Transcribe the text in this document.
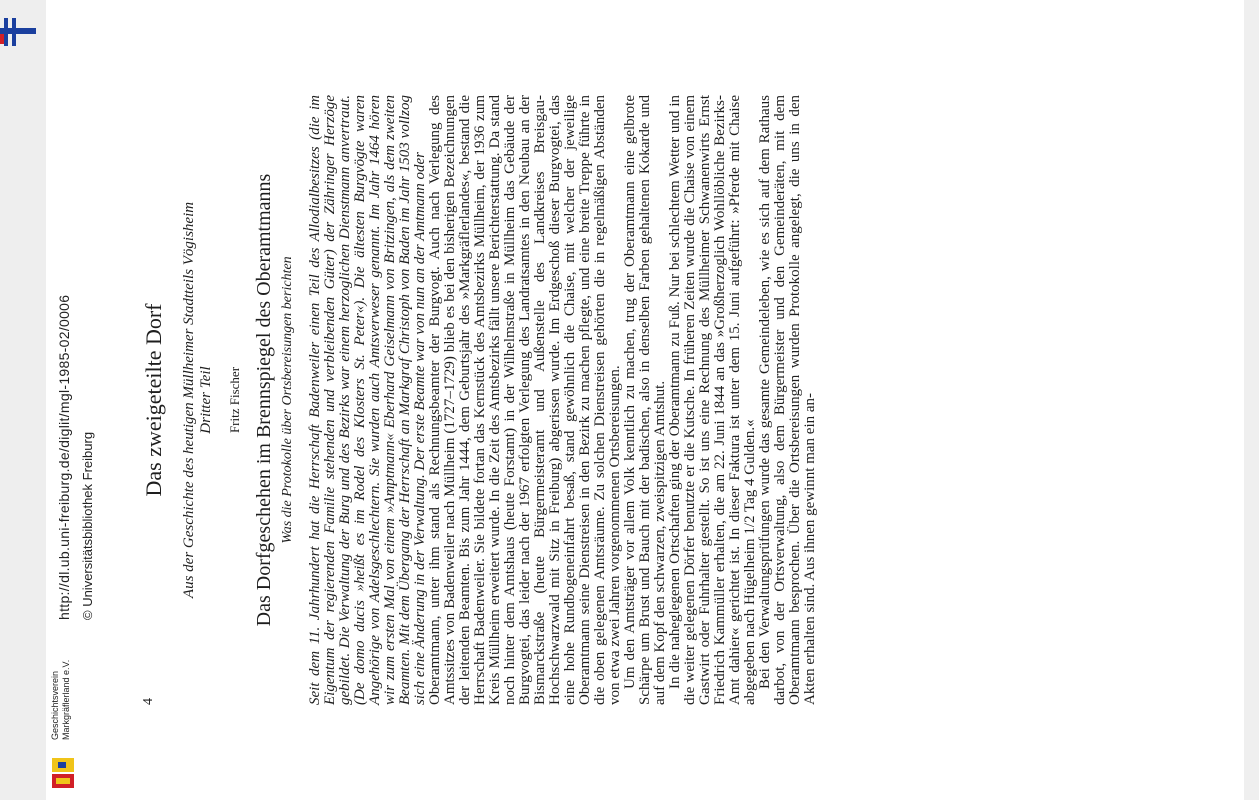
Geschichtsverein Markgräflerland e.V.
http://dl.ub.uni-freiburg.de/diglit/mgl-1985-02/0006 © Universitätsbibliothek Freiburg
4
Das zweigeteilte Dorf Aus der Geschichte des heutigen Müllheimer Stadtteils Vögisheim Dritter Teil Fritz Fischer Das Dorfgeschehen im Brennspiegel des Oberamtmanns Was die Protokolle über Ortsbereisungen berichten Seit dem 11. Jahrhundert hat die Herrschaft Badenweiler einen Teil des Allodialbesitzes (die im Eigentum der regierenden Familie stehenden und verbleibenden Güter) der Zähringer Herzöge gebildet. Die Verwaltung der Burg und des Bezirks war einem herzoglichen Dienstmann anvertraut. (De domo ducis »heißt es im Rodel des Klosters St. Peter«). Die ältesten Burgvögte waren Angehörige von Adelsgeschlechtern. Sie wurden auch Amtsverweser genannt. Im Jahr 1464 hören wir zum ersten Mal von einem »Amptmann« Eberhard Geiselmann von Britzingen, als dem zweiten Beamten. Mit dem Übergang der Herrschaft an Markgraf Christoph von Baden im Jahr 1503 vollzog sich eine Änderung in der Verwaltung. Der erste Beamte war von nun an der Amtmann oder Oberamtmann, unter ihm stand als Rechnungsbeamter der Burgvogt. Auch nach Verlegung des Amtssitzes von Badenweiler nach Müllheim (1727–1729) blieb es bei den bisherigen Bezeichnungen der leitenden Beamten. Bis zum Jahr 1444, dem Geburtsjahr des »Markgräflerlandes«, bestand die Herrschaft Badenweiler. Sie bildete fortan das Kernstück des Amtsbezirks Müllheim, der 1936 zum Kreis Müllheim erweitert wurde. In die Zeit des Amtsbezirks fällt unsere Berichterstattung. Da stand noch hinter dem Amtshaus (heute Forstamt) in der Wilhelmstraße in Müllheim das Gebäude der Burgvogtei, das leider nach der 1967 erfolgten Verlegung des Landratsamtes in den Neubau an der Bismarckstraße (heute Bürgermeisteramt und Außenstelle des Landkreises Breisgau-Hochschwarzwald mit Sitz in Freiburg) abgerissen wurde. Im Erdgeschoß dieser Burgvogtei, das eine hohe Rundbogeneinfahrt besaß, stand gewöhnlich die Chaise, mit welcher der jeweilige Oberamtmann seine Dienstreisen in den Bezirk zu machen pflegte, und eine breite Treppe führte in die oben gelegenen Amtsräume. Zu solchen Dienstreisen gehörten die in regelmäßigen Abständen von etwa zwei Jahren vorgenommenen Ortsbereisungen. Um den Amtsträger vor allem Volk kenntlich zu machen, trug der Oberamtmann eine gelbrote Schärpe um Brust und Bauch mit der badischen, also in denselben Farben gehaltenen Kokarde und auf dem Kopf den schwarzen, zweispitzigen Amtshut. In die naheglegenen Ortschaften ging der Oberamtmann zu Fuß. Nur bei schlechtem Wetter und in die weiter gelegenen Dörfer benutzte er die Kutsche. In früheren Zeiten wurde die Chaise von einem Gastwirt oder Fuhrhalter gestellt. So ist uns eine Rechnung des Müllheimer Schwanenwirts Ernst Friedrich Kammüller erhalten, die am 22. Juni 1844 an das »Großherzoglich Wohllöbliche Bezirks-Amt dahier« gerichtet ist. In dieser Faktura ist unter dem 15. Juni aufgeführt: »Pferde mit Chaise abgegeben nach Hügelheim 1/2 Tag 4 Gulden.« Bei den Verwaltungsprüfungen wurde das gesamte Gemeindeleben, wie es sich auf dem Rathaus darbot, von der Ortsverwaltung, also dem Bürgermeister und den Gemeinderäten, mit dem Oberamtmann besprochen. Über die Ortsbereisungen wurden Protokolle angelegt, die uns in den Akten erhalten sind. Aus ihnen gewinnt man ein an-
